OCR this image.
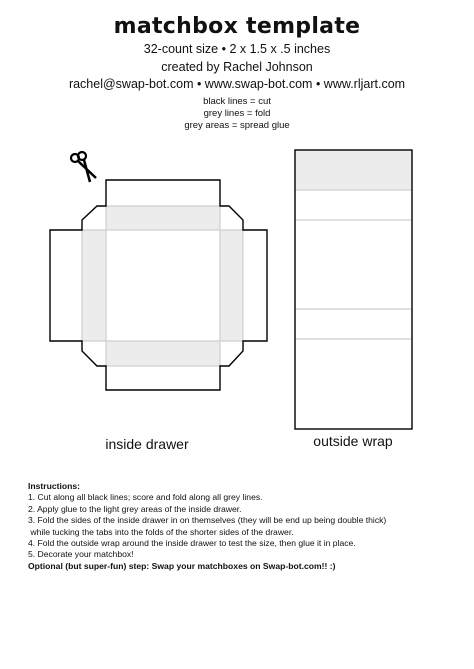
matchbox template
32-count size • 2 x 1.5 x .5 inches
created by Rachel Johnson
rachel@swap-bot.com • www.swap-bot.com • www.rljart.com
black lines = cut
grey lines = fold
grey areas = spread glue
inside drawer	outside wrap
Instructions:
1. Cut along all black lines; score and fold along all grey lines.
2. Apply glue to the light grey areas of the inside drawer.
3. Fold the sides of the inside drawer in on themselves (they will be end up being double thick)
while tucking the tabs into the folds of the shorter sides of the drawer.
4. Fold the outside wrap around the inside drawer to test the size, then glue it in place.
5. Decorate your matchbox!
Optional (but super-fun) step: Swap your matchboxes on Swap-bot.com!! :)
